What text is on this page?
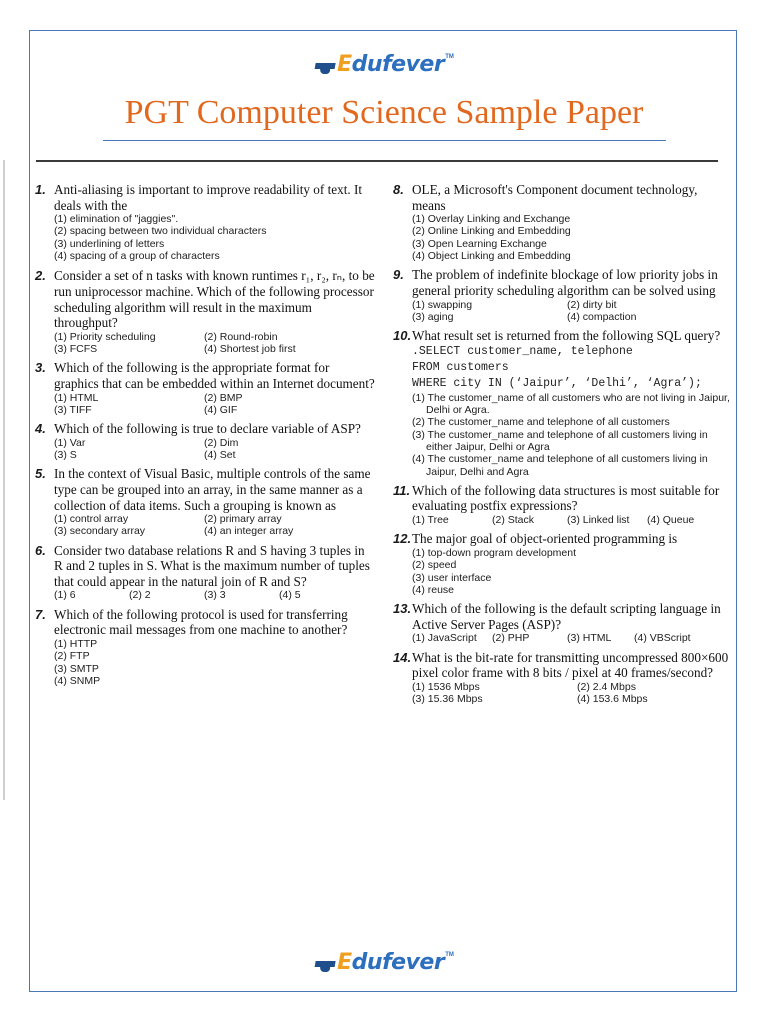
Edufever TM
PGT Computer Science Sample Paper
1. Anti-aliasing is important to improve readability of text. It deals with the
(1) elimination of "jaggies".
(2) spacing between two individual characters
(3) underlining of letters
(4) spacing of a group of characters
2. Consider a set of n tasks with known runtimes r₁, r₂, rₙ, to be run uniprocessor machine. Which of the following processor scheduling algorithm will result in the maximum throughput?
(1) Priority scheduling	(2) Round-robin
(3) FCFS	(4) Shortest job first
3. Which of the following is the appropriate format for graphics that can be embedded within an Internet document?
(1) HTML	(2) BMP
(3) TIFF	(4) GIF
4. Which of the following is true to declare variable of ASP?
(1) Var	(2) Dim
(3) S	(4) Set
5. In the context of Visual Basic, multiple controls of the same type can be grouped into an array, in the same manner as a collection of data items. Such a grouping is known as
(1) control array	(2) primary array
(3) secondary array	(4) an integer array
6. Consider two database relations R and S having 3 tuples in R and 2 tuples in S. What is the maximum number of tuples that could appear in the natural join of R and S?
(1) 6	(2) 2	(3) 3	(4) 5
7. Which of the following protocol is used for transferring electronic mail messages from one machine to another?
(1) HTTP
(2) FTP
(3) SMTP
(4) SNMP
8. OLE, a Microsoft's Component document technology, means
(1) Overlay Linking and Exchange
(2) Online Linking and Embedding
(3) Open Learning Exchange
(4) Object Linking and Embedding
9. The problem of indefinite blockage of low priority jobs in general priority scheduling algorithm can be solved using
(1) swapping	(2) dirty bit
(3) aging	(4) compaction
10. What result set is returned from the following SQL query?
.SELECT customer_name, telephone
FROM customers
WHERE city IN (‘Jaipur’, ‘Delhi’, ‘Agra’);
(1) The customer_name of all customers who are not living in Jaipur, Delhi or Agra.
(2) The customer_name and telephone of all customers
(3) The customer_name and telephone of all customers living in either Jaipur, Delhi or Agra
(4) The customer_name and telephone of all customers living in Jaipur, Delhi and Agra
11. Which of the following data structures is most suitable for evaluating postfix expressions?
(1) Tree	(2) Stack	(3) Linked list	(4) Queue
12. The major goal of object-oriented programming is
(1) top-down program development
(2) speed
(3) user interface
(4) reuse
13. Which of the following is the default scripting language in Active Server Pages (ASP)?
(1) JavaScript	(2) PHP	(3) HTML	(4) VBScript
14. What is the bit-rate for transmitting uncompressed 800×600 pixel color frame with 8 bits / pixel at 40 frames/second?
(1) 1536 Mbps	(2) 2.4 Mbps
(3) 15.36 Mbps	(4) 153.6 Mbps
Edufever TM
